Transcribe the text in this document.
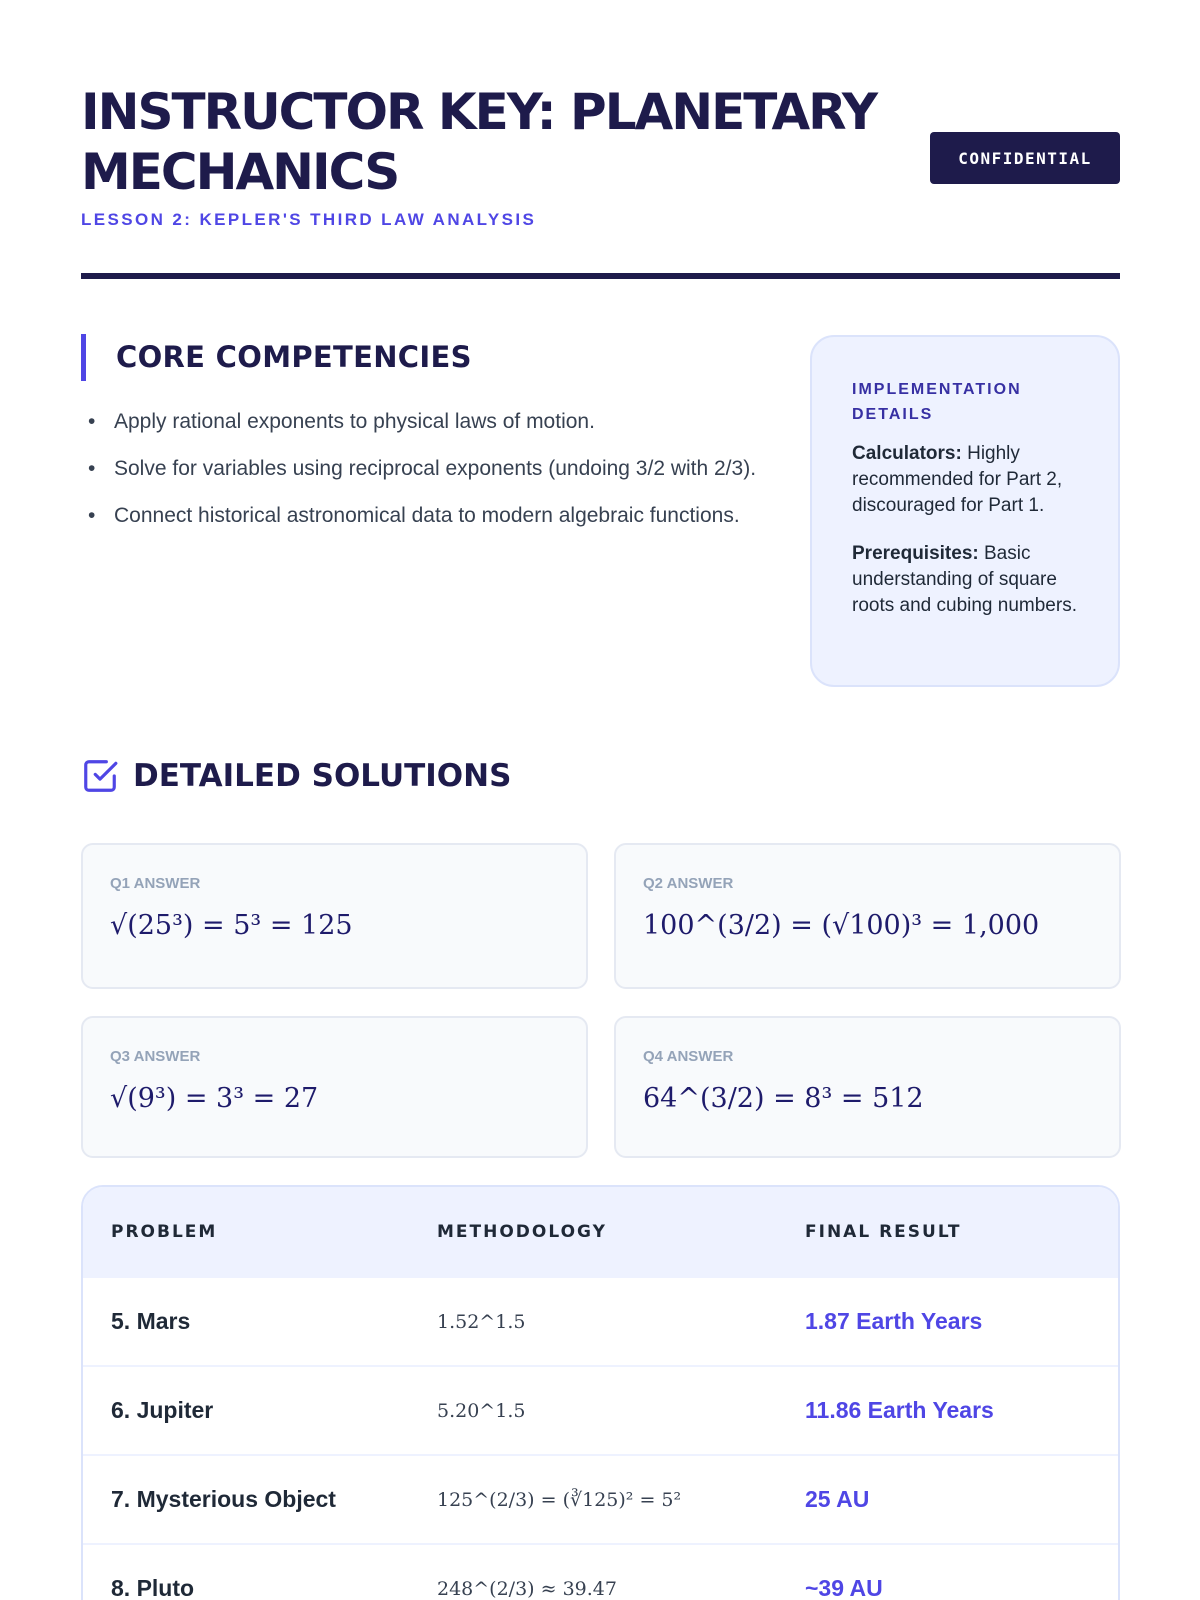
INSTRUCTOR KEY: PLANETARY MECHANICS	CONFIDENTIAL
LESSON 2: KEPLER'S THIRD LAW ANALYSIS
CORE COMPETENCIES
• Apply rational exponents to physical laws of motion.
• Solve for variables using reciprocal exponents (undoing 3/2 with 2/3).
• Connect historical astronomical data to modern algebraic functions.
IMPLEMENTATION DETAILS

Calculators: Highly recommended for Part 2, discouraged for Part 1.

Prerequisites: Basic understanding of square roots and cubing numbers.

DETAILED SOLUTIONS
Q1 ANSWER
√(25³) = 5³ = 125
Q2 ANSWER
100^(3/2) = (√100)³ = 1,000
Q3 ANSWER
√(9³) = 3³ = 27
Q4 ANSWER
64^(3/2) = 8³ = 512
PROBLEM	METHODOLOGY	FINAL RESULT
5. Mars	1.52^1.5	1.87 Earth Years
6. Jupiter	5.20^1.5	11.86 Earth Years
7. Mysterious Object	125^(2/3) = (∛125)² = 5²	25 AU
8. Pluto	248^(2/3) ≈ 39.47	~39 AU
